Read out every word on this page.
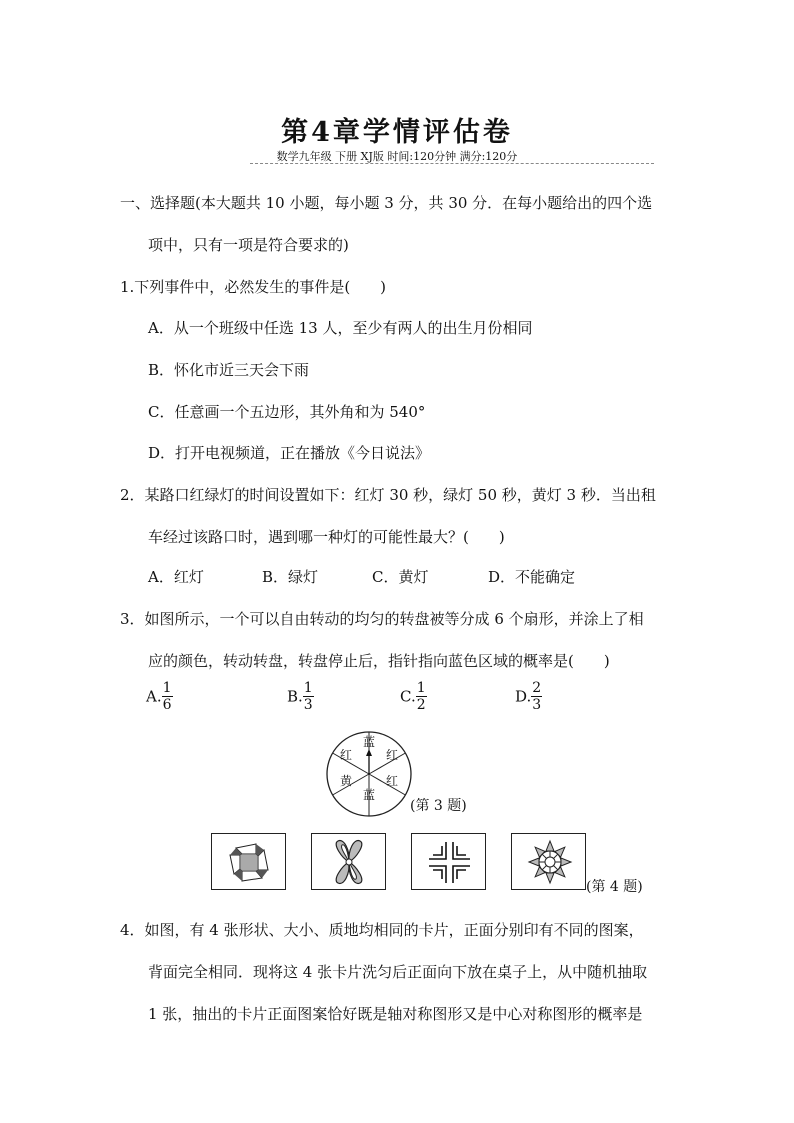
第4章学情评估卷
数学九年级 下册 XJ版 时间:120分钟 满分:120分
一、选择题(本大题共 10 小题，每小题 3 分，共 30 分．在每小题给出的四个选
项中，只有一项是符合要求的)
1.下列事件中，必然发生的事件是(　　)
A．从一个班级中任选 13 人，至少有两人的出生月份相同
B．怀化市近三天会下雨
C．任意画一个五边形，其外角和为 540°
D．打开电视频道，正在播放《今日说法》
2．某路口红绿灯的时间设置如下：红灯 30 秒，绿灯 50 秒，黄灯 3 秒．当出租
车经过该路口时，遇到哪一种灯的可能性最大？(　　)
A．红灯	B．绿灯	C．黄灯	D．不能确定
3．如图所示，一个可以自由转动的均匀的转盘被等分成 6 个扇形，并涂上了相
应的颜色，转动转盘，转盘停止后，指针指向蓝色区域的概率是(　　)
A. $\frac{1}{6}$	B. $\frac{1}{3}$	C. $\frac{1}{2}$	D. $\frac{2}{3}$
蓝
红
红
蓝
黄
红
(第 3 题)
(第 4 题)
4．如图，有 4 张形状、大小、质地均相同的卡片，正面分别印有不同的图案，
背面完全相同．现将这 4 张卡片洗匀后正面向下放在桌子上，从中随机抽取
1 张，抽出的卡片正面图案恰好既是轴对称图形又是中心对称图形的概率是
